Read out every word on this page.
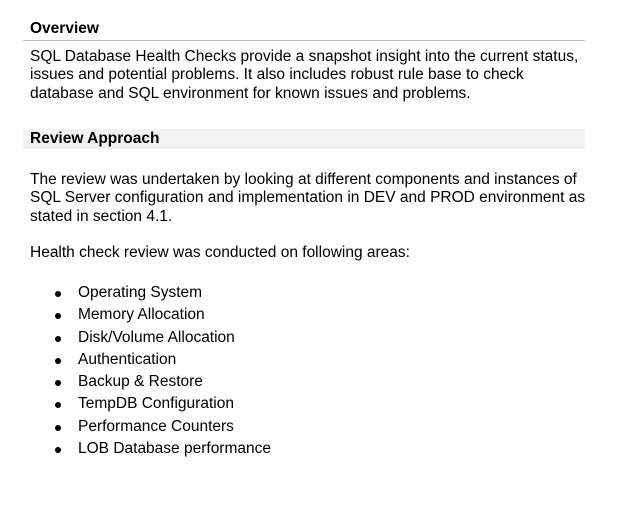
Overview

SQL Database Health Checks provide a snapshot insight into the current status, issues and potential problems. It also includes robust rule base to check database and SQL environment for known issues and problems.

Review Approach

The review was undertaken by looking at different components and instances of SQL Server configuration and implementation in DEV and PROD environment as stated in section 4.1.

Health check review was conducted on following areas:

Operating System
Memory Allocation
Disk/Volume Allocation
Authentication
Backup & Restore
TempDB Configuration
Performance Counters
LOB Database performance
